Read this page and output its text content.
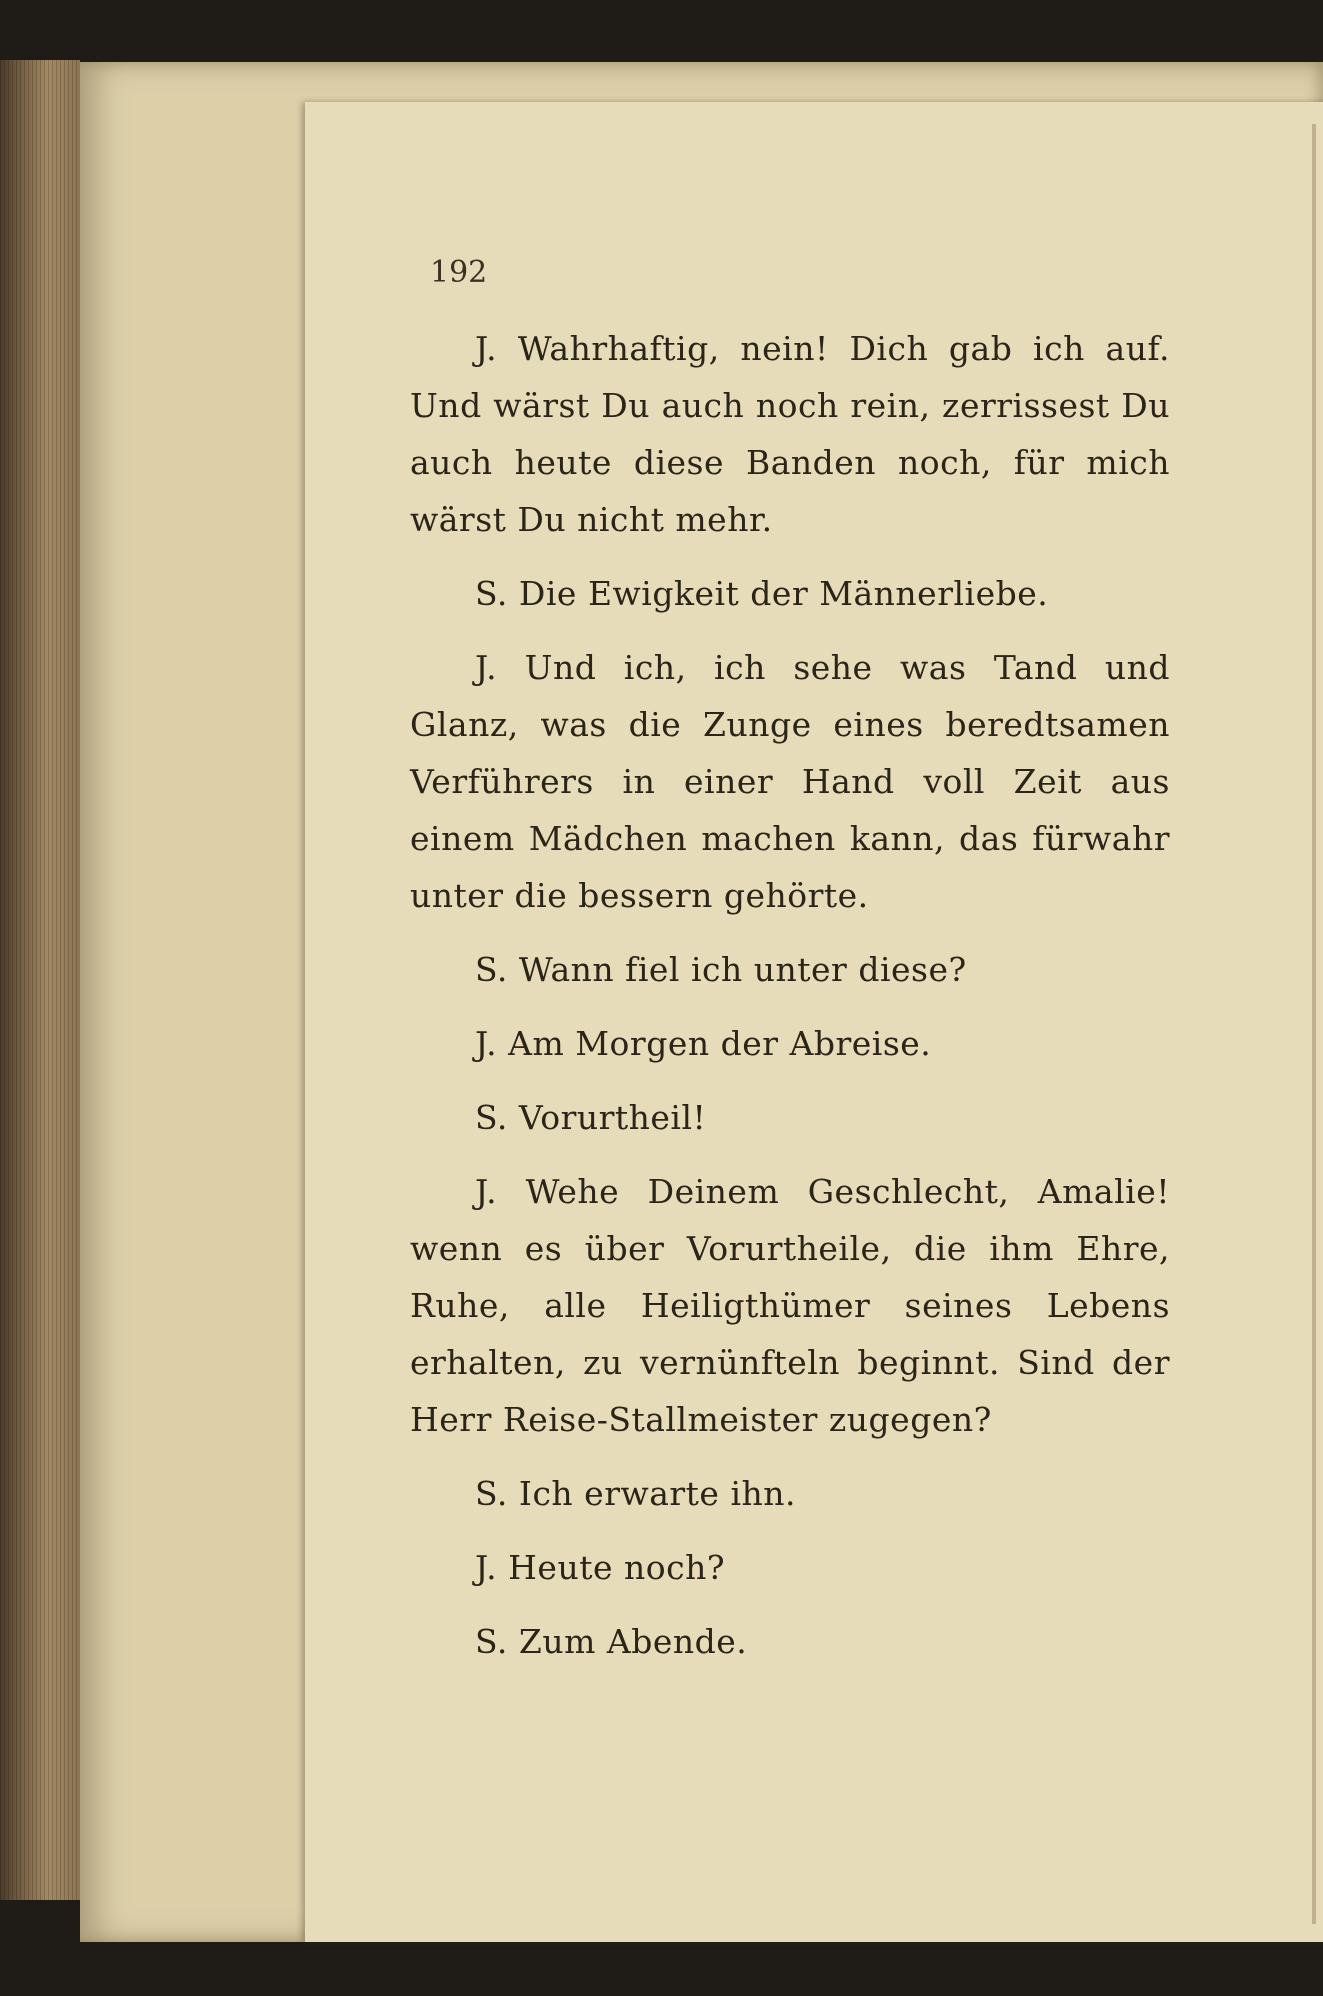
192

J. Wahrhaftig, nein! Dich gab ich auf. Und wärst Du auch noch rein, zerrissest Du auch heute diese Banden noch, für mich wärst Du nicht mehr.

S. Die Ewigkeit der Männerliebe.

J. Und ich, ich sehe was Tand und Glanz, was die Zunge eines beredtsamen Verführers in einer Hand voll Zeit aus einem Mädchen machen kann, das fürwahr unter die bessern gehörte.

S. Wann fiel ich unter diese?

J. Am Morgen der Abreise.

S. Vorurtheil!

J. Wehe Deinem Geschlecht, Amalie! wenn es über Vorurtheile, die ihm Ehre, Ruhe, alle Heiligthümer seines Lebens erhalten, zu vernünfteln beginnt. Sind der Herr Reise-Stallmeister zugegen?

S. Ich erwarte ihn.

J. Heute noch?

S. Zum Abende.
